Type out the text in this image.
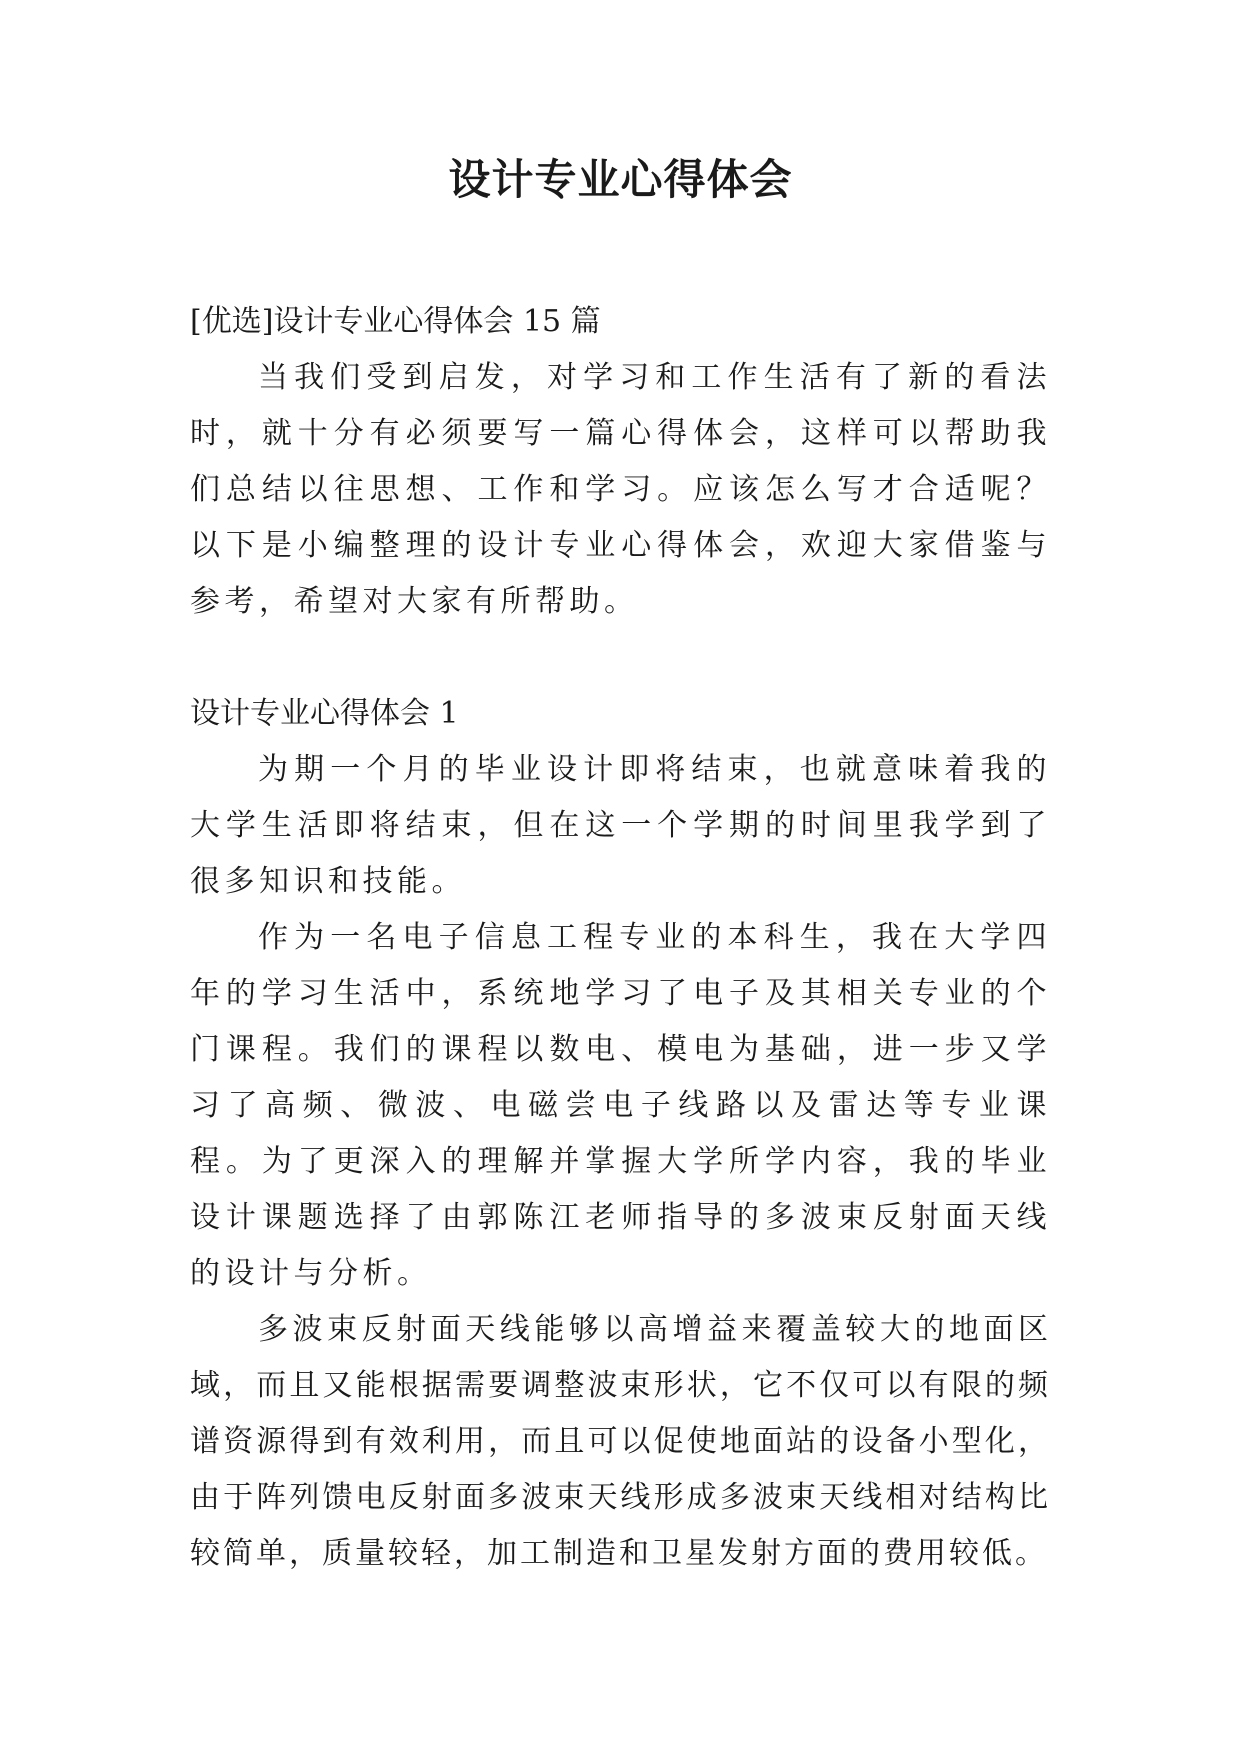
设计专业心得体会

[优选]设计专业心得体会 15 篇

当我们受到启发，对学习和工作生活有了新的看法时，就十分有必须要写一篇心得体会，这样可以帮助我们总结以往思想、工作和学习。应该怎么写才合适呢？以下是小编整理的设计专业心得体会，欢迎大家借鉴与参考，希望对大家有所帮助。

设计专业心得体会 1

为期一个月的毕业设计即将结束，也就意味着我的大学生活即将结束，但在这一个学期的时间里我学到了很多知识和技能。

作为一名电子信息工程专业的本科生，我在大学四年的学习生活中，系统地学习了电子及其相关专业的个门课程。我们的课程以数电、模电为基础，进一步又学习了高频、微波、电磁尝电子线路以及雷达等专业课程。为了更深入的理解并掌握大学所学内容，我的毕业设计课题选择了由郭陈江老师指导的多波束反射面天线的设计与分析。

多波束反射面天线能够以高增益来覆盖较大的地面区域，而且又能根据需要调整波束形状，它不仅可以有限的频谱资源得到有效利用，而且可以促使地面站的设备小型化，由于阵列馈电反射面多波束天线形成多波束天线相对结构比较简单，质量较轻，加工制造和卫星发射方面的费用较低。
